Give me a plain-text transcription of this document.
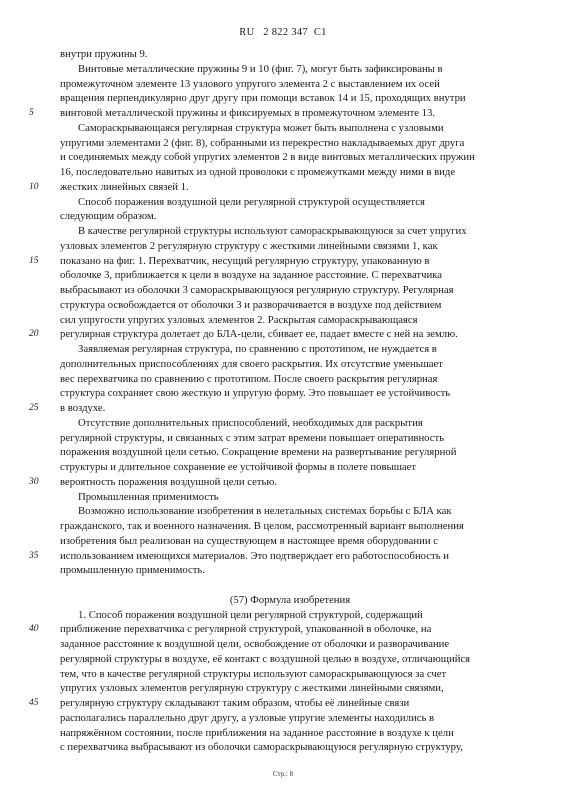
RU 2 822 347 C1
5
10
15
20
25
30
35
40
45
внутри пружины 9.
Винтовые металлические пружины 9 и 10 (фиг. 7), могут быть зафиксированы в
промежуточном элементе 13 узлового упругого элемента 2 с выставлением их осей
вращения перпендикулярно друг другу при помощи вставок 14 и 15, проходящих внутри
винтовой металлической пружины и фиксируемых в промежуточном элементе 13.
Самораскрывающаяся регулярная структура может быть выполнена с узловыми
упругими элементами 2 (фиг. 8), собранными из перекрестно накладываемых друг друга
и соединяемых между собой упругих элементов 2 в виде винтовых металлических пружин
16, последовательно навитых из одной проволоки с промежутками между ними в виде
жестких линейных связей 1.
Способ поражения воздушной цели регулярной структурой осуществляется
следующим образом.
В качестве регулярной структуры используют самораскрывающуюся за счет упругих
узловых элементов 2 регулярную структуру с жесткими линейными связями 1, как
показано на фиг. 1. Перехватчик, несущий регулярную структуру, упакованную в
оболочке 3, приближается к цели в воздухе на заданное расстояние. С перехватчика
выбрасывают из оболочки 3 самораскрывающуюся регулярную структуру. Регулярная
структура освобождается от оболочки 3 и разворачивается в воздухе под действием
сил упругости упругих узловых элементов 2. Раскрытая самораскрывающаяся
регулярная структура долетает до БЛА-цели, сбивает ее, падает вместе с ней на землю.
Заявляемая регулярная структура, по сравнению с прототипом, не нуждается в
дополнительных приспособлениях для своего раскрытия. Их отсутствие уменьшает
вес перехватчика по сравнению с прототипом. После своего раскрытия регулярная
структура сохраняет свою жесткую и упругую форму. Это повышает ее устойчивость
в воздухе.
Отсутствие дополнительных приспособлений, необходимых для раскрытия
регулярной структуры, и связанных с этим затрат времени повышает оперативность
поражения воздушной цели сетью. Сокращение времени на развертывание регулярной
структуры и длительное сохранение ее устойчивой формы в полете повышает
вероятность поражения воздушной цели сетью.
Промышленная применимость
Возможно использование изобретения в нелетальных системах борьбы с БЛА как
гражданского, так и военного назначения. В целом, рассмотренный вариант выполнения
изобретения был реализован на существующем в настоящее время оборудовании с
использованием имеющихся материалов. Это подтверждает его работоспособность и
промышленную применимость.
(57) Формула изобретения
1. Способ поражения воздушной цели регулярной структурой, содержащий
приближение перехватчика с регулярной структурой, упакованной в оболочке, на
заданное расстояние к воздушной цели, освобождение от оболочки и разворачивание
регулярной структуры в воздухе, её контакт с воздушной целью в воздухе, отличающийся
тем, что в качестве регулярной структуры используют самораскрывающуюся за счет
упругих узловых элементов регулярную структуру с жесткими линейными связями,
регулярную структуру складывают таким образом, чтобы её линейные связи
располагались параллельно друг другу, а узловые упругие элементы находились в
напряжённом состоянии, после приближения на заданное расстояние в воздухе к цели
с перехватчика выбрасывают из оболочки самораскрывающуюся регулярную структуру,
Стр.: 8
